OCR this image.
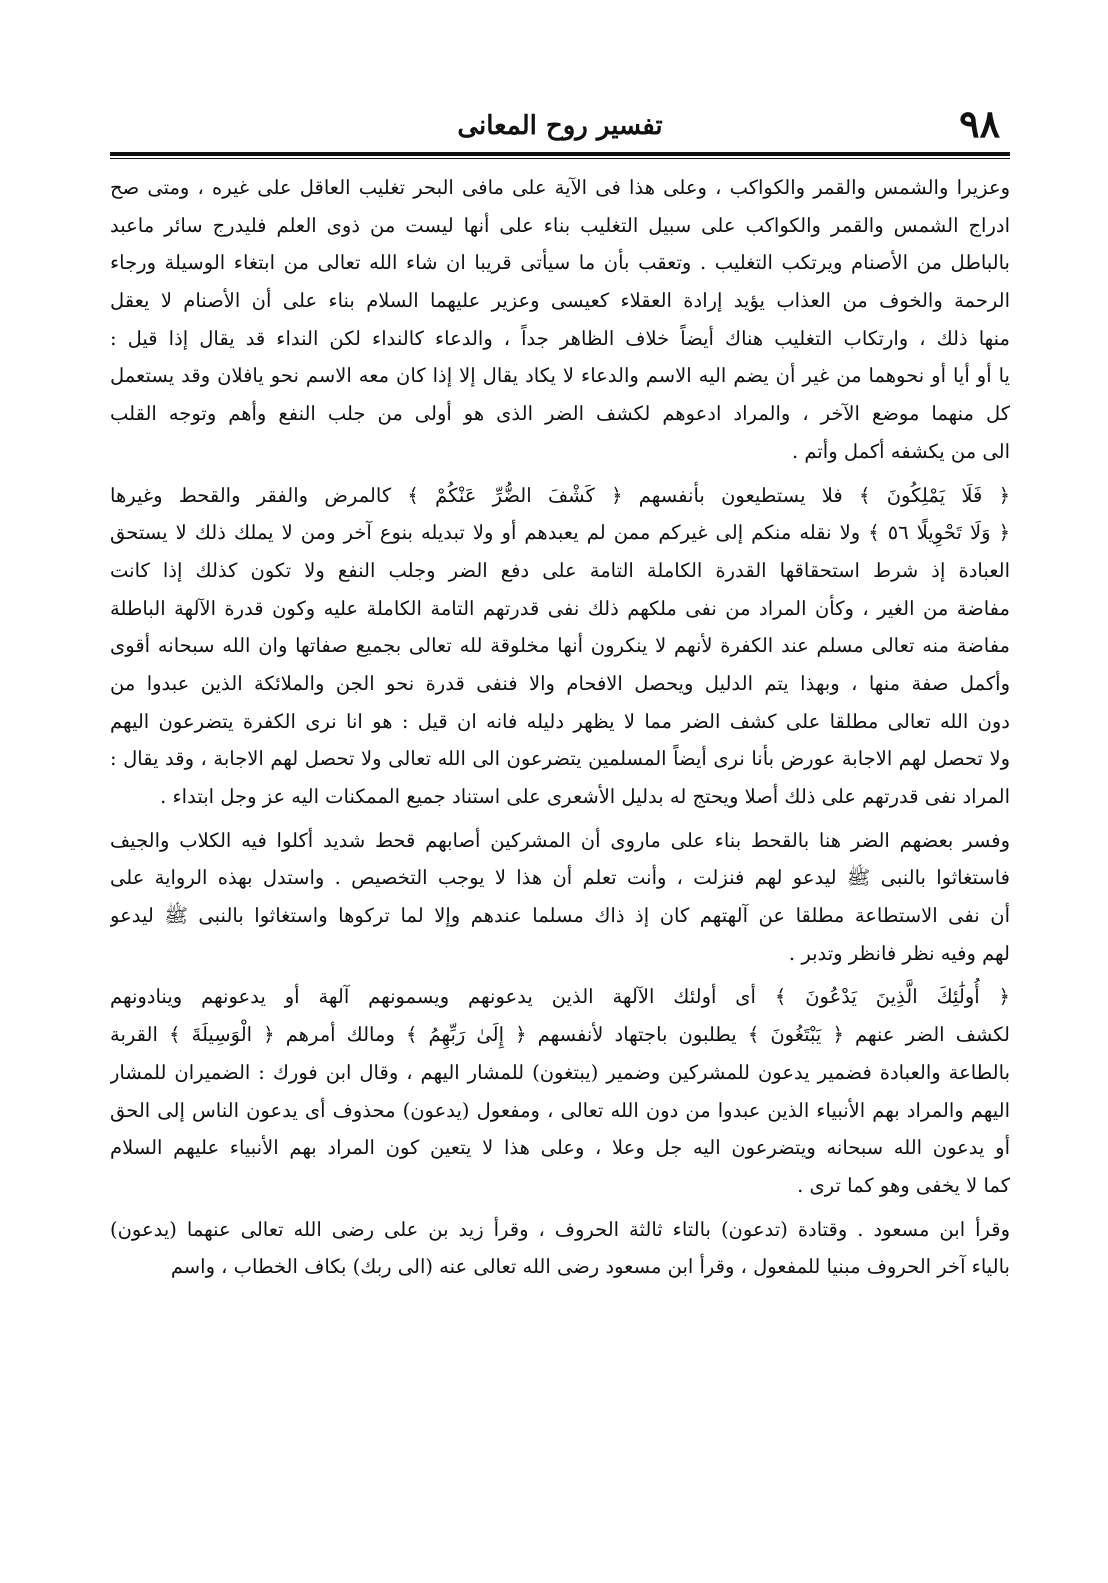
٩٨
تفسير روح المعانى
وعزيرا والشمس والقمر والكواكب ، وعلى هذا فى الآية على مافى البحر تغليب العاقل على غيره ، ومتى صح
ادراج الشمس والقمر والكواكب على سبيل التغليب بناء على أنها ليست من ذوى العلم فليدرج سائر ماعبد
بالباطل من الأصنام ويرتكب التغليب . وتعقب بأن ما سيأتى قريبا ان شاء الله تعالى من ابتغاء الوسيلة ورجاء
الرحمة والخوف من العذاب يؤيد إرادة العقلاء كعيسى وعزير عليهما السلام بناء على أن الأصنام لا يعقل
منها ذلك ، وارتكاب التغليب هناك أيضاً خلاف الظاهر جداً ، والدعاء كالنداء لكن النداء قد يقال إذا قيل :
يا أو أيا أو نحوهما من غير أن يضم اليه الاسم والدعاء لا يكاد يقال إلا إذا كان معه الاسم نحو يافلان وقد يستعمل
كل منهما موضع الآخر ، والمراد ادعوهم لكشف الضر الذى هو أولى من جلب النفع وأهم وتوجه القلب
الى من يكشفه أكمل وأتم .
﴿ فَلَا يَمْلِكُونَ ﴾ فلا يستطيعون بأنفسهم ﴿ كَشْفَ الضُّرِّ عَنْكُمْ ﴾ كالمرض والفقر والقحط وغيرها
﴿ وَلَا تَحْوِيلًا ٥٦ ﴾ ولا نقله منكم إلى غيركم ممن لم يعبدهم أو ولا تبديله بنوع آخر ومن لا يملك ذلك لا يستحق
العبادة إذ شرط استحقاقها القدرة الكاملة التامة على دفع الضر وجلب النفع ولا تكون كذلك إذا كانت
مفاضة من الغير ، وكأن المراد من نفى ملكهم ذلك نفى قدرتهم التامة الكاملة عليه وكون قدرة الآلهة الباطلة
مفاضة منه تعالى مسلم عند الكفرة لأنهم لا ينكرون أنها مخلوقة لله تعالى بجميع صفاتها وان الله سبحانه أقوى
وأكمل صفة منها ، وبهذا يتم الدليل ويحصل الافحام والا فنفى قدرة نحو الجن والملائكة الذين عبدوا من
دون الله تعالى مطلقا على كشف الضر مما لا يظهر دليله فانه ان قيل : هو انا نرى الكفرة يتضرعون اليهم
ولا تحصل لهم الاجابة عورض بأنا نرى أيضاً المسلمين يتضرعون الى الله تعالى ولا تحصل لهم الاجابة ، وقد يقال :
المراد نفى قدرتهم على ذلك أصلا ويحتج له بدليل الأشعرى على استناد جميع الممكنات اليه عز وجل ابتداء .
وفسر بعضهم الضر هنا بالقحط بناء على ماروى أن المشركين أصابهم قحط شديد أكلوا فيه الكلاب والجيف
فاستغاثوا بالنبى ﷺ ليدعو لهم فنزلت ، وأنت تعلم أن هذا لا يوجب التخصيص . واستدل بهذه الرواية على
أن نفى الاستطاعة مطلقا عن آلهتهم كان إذ ذاك مسلما عندهم وإلا لما تركوها واستغاثوا بالنبى ﷺ ليدعو
لهم وفيه نظر فانظر وتدبر .
﴿ أُولَٰئِكَ الَّذِينَ يَدْعُونَ ﴾ أى أولئك الآلهة الذين يدعونهم ويسمونهم آلهة أو يدعونهم وينادونهم
لكشف الضر عنهم ﴿ يَبْتَغُونَ ﴾ يطلبون باجتهاد لأنفسهم ﴿ إِلَىٰ رَبِّهِمُ ﴾ ومالك أمرهم ﴿ الْوَسِيلَةَ ﴾ القربة
بالطاعة والعبادة فضمير يدعون للمشركين وضمير (يبتغون) للمشار اليهم ، وقال ابن فورك : الضميران للمشار
اليهم والمراد بهم الأنبياء الذين عبدوا من دون الله تعالى ، ومفعول (يدعون) محذوف أى يدعون الناس إلى الحق
أو يدعون الله سبحانه ويتضرعون اليه جل وعلا ، وعلى هذا لا يتعين كون المراد بهم الأنبياء عليهم السلام
كما لا يخفى وهو كما ترى .
وقرأ ابن مسعود . وقتادة (تدعون) بالتاء ثالثة الحروف ، وقرأ زيد بن على رضى الله تعالى عنهما (يدعون)
بالياء آخر الحروف مبنيا للمفعول ، وقرأ ابن مسعود رضى الله تعالى عنه (الى ربك) بكاف الخطاب ، واسم
